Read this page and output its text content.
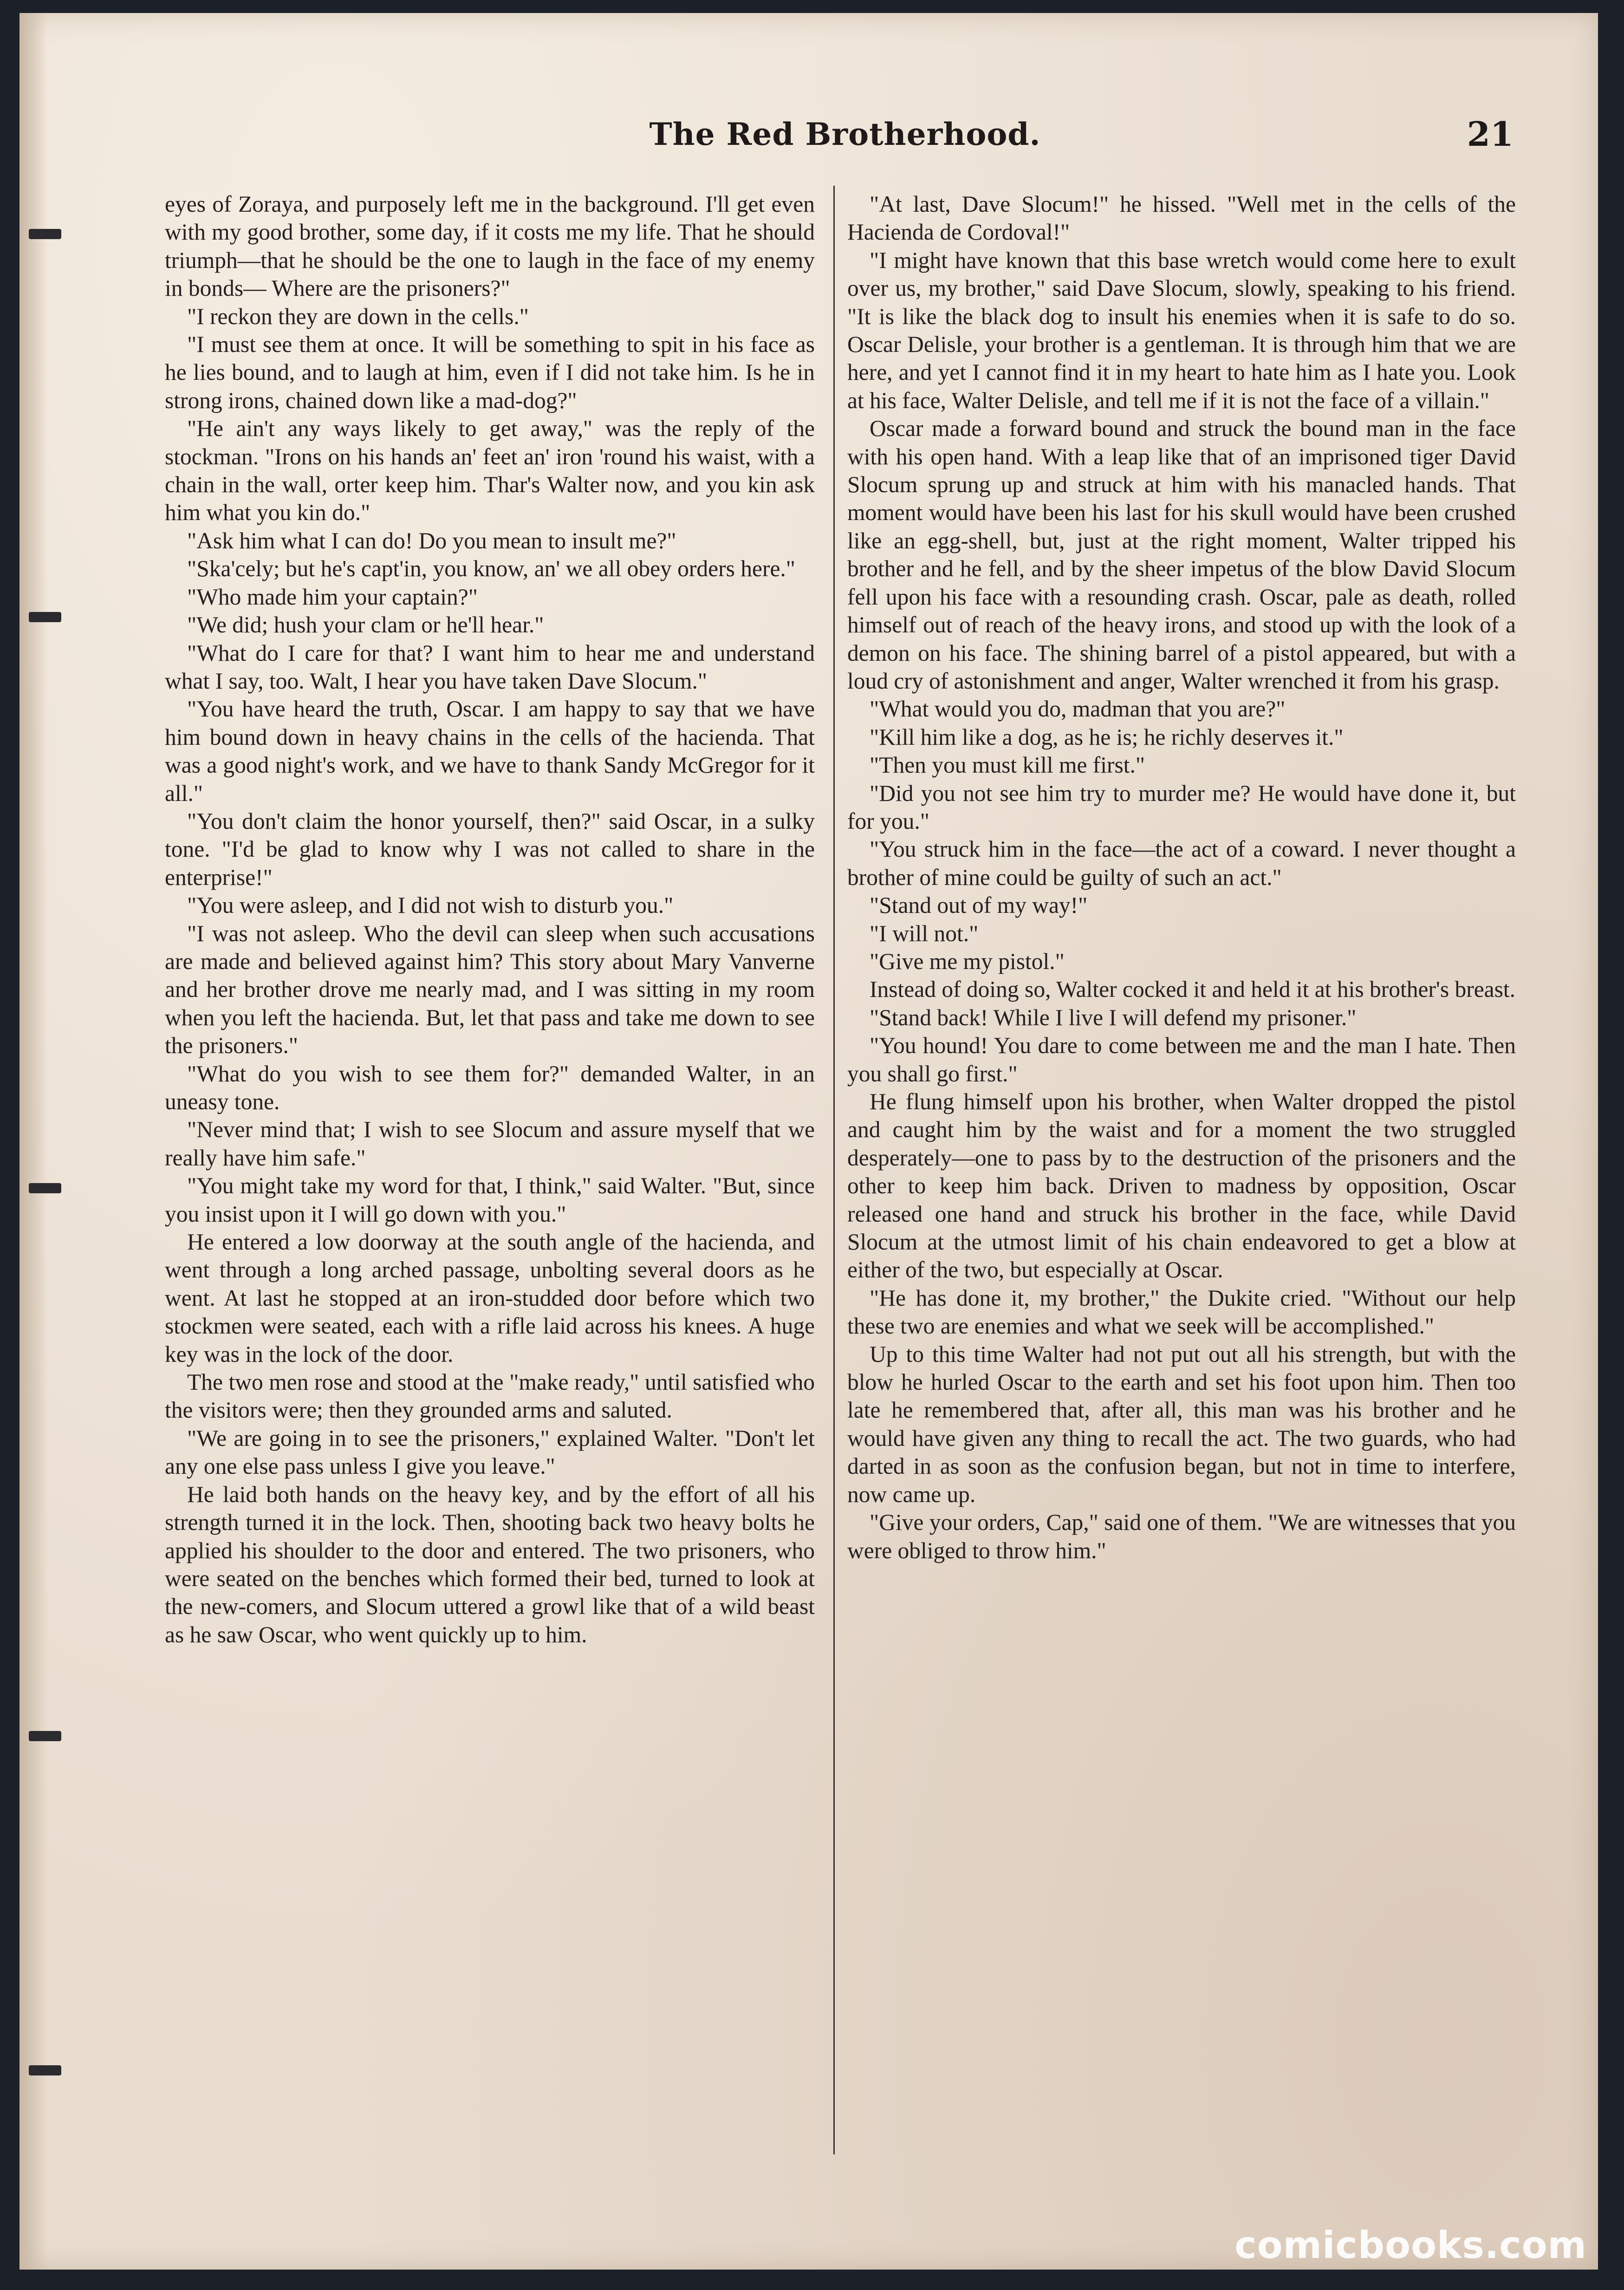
The Red Brotherhood.	21

eyes of Zoraya, and purposely left me in the background. I'll get even with my good brother, some day, if it costs me my life. That he should triumph—that he should be the one to laugh in the face of my enemy in bonds— Where are the prisoners?"

"I reckon they are down in the cells."

"I must see them at once. It will be something to spit in his face as he lies bound, and to laugh at him, even if I did not take him. Is he in strong irons, chained down like a mad-dog?"

"He ain't any ways likely to get away," was the reply of the stockman. "Irons on his hands an' feet an' iron 'round his waist, with a chain in the wall, orter keep him. Thar's Walter now, and you kin ask him what you kin do."

"Ask him what I can do! Do you mean to insult me?"

"Ska'cely; but he's capt'in, you know, an' we all obey orders here."

"Who made him your captain?"

"We did; hush your clam or he'll hear."

"What do I care for that? I want him to hear me and understand what I say, too. Walt, I hear you have taken Dave Slocum."

"You have heard the truth, Oscar. I am happy to say that we have him bound down in heavy chains in the cells of the hacienda. That was a good night's work, and we have to thank Sandy McGregor for it all."

"You don't claim the honor yourself, then?" said Oscar, in a sulky tone. "I'd be glad to know why I was not called to share in the enterprise!"

"You were asleep, and I did not wish to disturb you."

"I was not asleep. Who the devil can sleep when such accusations are made and believed against him? This story about Mary Vanverne and her brother drove me nearly mad, and I was sitting in my room when you left the hacienda. But, let that pass and take me down to see the prisoners."

"What do you wish to see them for?" demanded Walter, in an uneasy tone.

"Never mind that; I wish to see Slocum and assure myself that we really have him safe."

"You might take my word for that, I think," said Walter. "But, since you insist upon it I will go down with you."

He entered a low doorway at the south angle of the hacienda, and went through a long arched passage, unbolting several doors as he went. At last he stopped at an iron-studded door before which two stockmen were seated, each with a rifle laid across his knees. A huge key was in the lock of the door.

The two men rose and stood at the "make ready," until satisfied who the visitors were; then they grounded arms and saluted.

"We are going in to see the prisoners," explained Walter. "Don't let any one else pass unless I give you leave."

He laid both hands on the heavy key, and by the effort of all his strength turned it in the lock. Then, shooting back two heavy bolts he applied his shoulder to the door and entered. The two prisoners, who were seated on the benches which formed their bed, turned to look at the new-comers, and Slocum uttered a growl like that of a wild beast as he saw Oscar, who went quickly up to him.

"At last, Dave Slocum!" he hissed. "Well met in the cells of the Hacienda de Cordoval!"

"I might have known that this base wretch would come here to exult over us, my brother," said Dave Slocum, slowly, speaking to his friend. "It is like the black dog to insult his enemies when it is safe to do so. Oscar Delisle, your brother is a gentleman. It is through him that we are here, and yet I cannot find it in my heart to hate him as I hate you. Look at his face, Walter Delisle, and tell me if it is not the face of a villain."

Oscar made a forward bound and struck the bound man in the face with his open hand. With a leap like that of an imprisoned tiger David Slocum sprung up and struck at him with his manacled hands. That moment would have been his last for his skull would have been crushed like an egg-shell, but, just at the right moment, Walter tripped his brother and he fell, and by the sheer impetus of the blow David Slocum fell upon his face with a resounding crash. Oscar, pale as death, rolled himself out of reach of the heavy irons, and stood up with the look of a demon on his face. The shining barrel of a pistol appeared, but with a loud cry of astonishment and anger, Walter wrenched it from his grasp.

"What would you do, madman that you are?"

"Kill him like a dog, as he is; he richly deserves it."

"Then you must kill me first."

"Did you not see him try to murder me? He would have done it, but for you."

"You struck him in the face—the act of a coward. I never thought a brother of mine could be guilty of such an act."

"Stand out of my way!"

"I will not."

"Give me my pistol."

Instead of doing so, Walter cocked it and held it at his brother's breast.

"Stand back! While I live I will defend my prisoner."

"You hound! You dare to come between me and the man I hate. Then you shall go first."

He flung himself upon his brother, when Walter dropped the pistol and caught him by the waist and for a moment the two struggled desperately—one to pass by to the destruction of the prisoners and the other to keep him back. Driven to madness by opposition, Oscar released one hand and struck his brother in the face, while David Slocum at the utmost limit of his chain endeavored to get a blow at either of the two, but especially at Oscar.

"He has done it, my brother," the Dukite cried. "Without our help these two are enemies and what we seek will be accomplished."

Up to this time Walter had not put out all his strength, but with the blow he hurled Oscar to the earth and set his foot upon him. Then too late he remembered that, after all, this man was his brother and he would have given any thing to recall the act. The two guards, who had darted in as soon as the confusion began, but not in time to interfere, now came up.

"Give your orders, Cap," said one of them. "We are witnesses that you were obliged to throw him."

comicbooks.com
